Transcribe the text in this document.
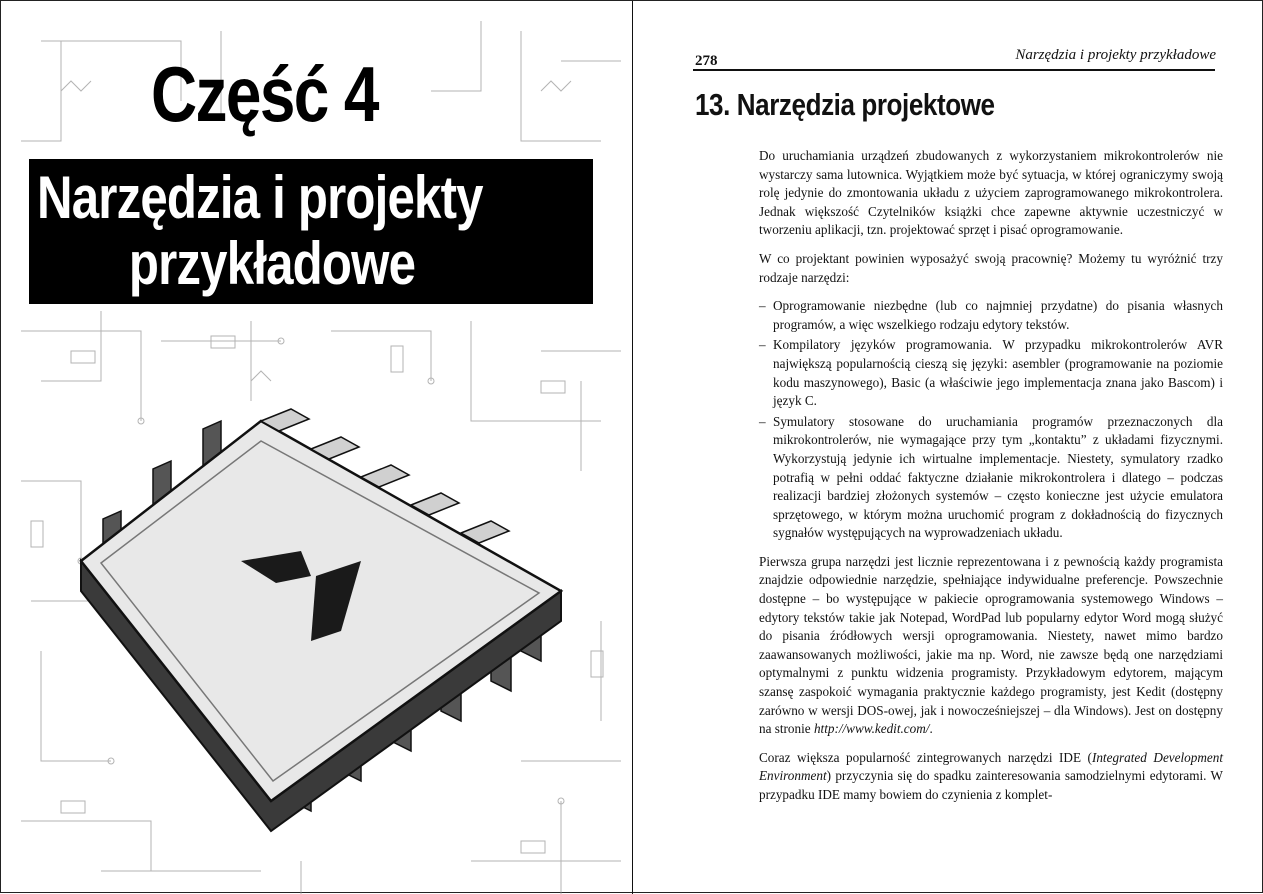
Część 4
Narzędzia i projekty
przykładowe
278	Narzędzia i projekty przykładowe
13. Narzędzia projektowe

Do uruchamiania urządzeń zbudowanych z wykorzystaniem mikrokontrolerów nie wystarczy sama lutownica. Wyjątkiem może być sytuacja, w której ograniczymy swoją rolę jedynie do zmontowania układu z użyciem zaprogramowanego mikrokontrolera. Jednak większość Czytelników książki chce zapewne aktywnie uczestniczyć w tworzeniu aplikacji, tzn. projektować sprzęt i pisać oprogramowanie.

W co projektant powinien wyposażyć swoją pracownię? Możemy tu wyróżnić trzy rodzaje narzędzi:

– Oprogramowanie niezbędne (lub co najmniej przydatne) do pisania własnych programów, a więc wszelkiego rodzaju edytory tekstów.
– Kompilatory języków programowania. W przypadku mikrokontrolerów AVR największą popularnością cieszą się języki: asembler (programowanie na poziomie kodu maszynowego), Basic (a właściwie jego implementacja znana jako Bascom) i język C.
– Symulatory stosowane do uruchamiania programów przeznaczonych dla mikrokontrolerów, nie wymagające przy tym „kontaktu” z układami fizycznymi. Wykorzystują jedynie ich wirtualne implementacje. Niestety, symulatory rzadko potrafią w pełni oddać faktyczne działanie mikrokontrolera i dlatego – podczas realizacji bardziej złożonych systemów – często konieczne jest użycie emulatora sprzętowego, w którym można uruchomić program z dokładnością do fizycznych sygnałów występujących na wyprowadzeniach układu.

Pierwsza grupa narzędzi jest licznie reprezentowana i z pewnością każdy programista znajdzie odpowiednie narzędzie, spełniające indywidualne preferencje. Powszechnie dostępne – bo występujące w pakiecie oprogramowania systemowego Windows – edytory tekstów takie jak Notepad, WordPad lub popularny edytor Word mogą służyć do pisania źródłowych wersji oprogramowania. Niestety, nawet mimo bardzo zaawansowanych możliwości, jakie ma np. Word, nie zawsze będą one narzędziami optymalnymi z punktu widzenia programisty. Przykładowym edytorem, mającym szansę zaspokoić wymagania praktycznie każdego programisty, jest Kedit (dostępny zarówno w wersji DOS-owej, jak i nowocześniejszej – dla Windows). Jest on dostępny na stronie http://www.kedit.com/.

Coraz większa popularność zintegrowanych narzędzi IDE (Integrated Development Environment) przyczynia się do spadku zainteresowania samodzielnymi edytorami. W przypadku IDE mamy bowiem do czynienia z komplet-
